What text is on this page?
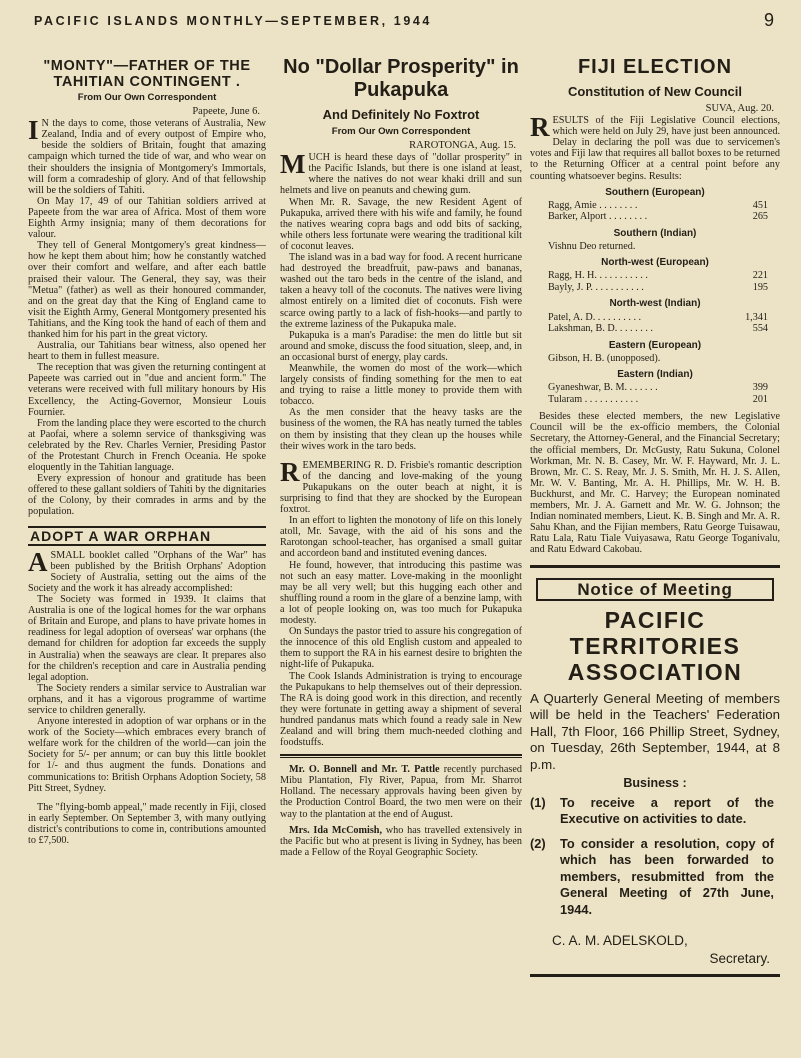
PACIFIC ISLANDS MONTHLY—SEPTEMBER, 1944	9
"MONTY"—FATHER OF THE TAHITIAN CONTINGENT .
From Our Own Correspondent
Papeete, June 6.

I N the days to come, those veterans of Australia, New Zealand, India and of every outpost of Empire who, beside the soldiers of Britain, fought that amazing campaign which turned the tide of war, and who wear on their shoulders the insignia of Montgomery's Immortals, will form a comradeship of glory. And of that fellowship will be the soldiers of Tahiti.

On May 17, 49 of our Tahitian soldiers arrived at Papeete from the war area of Africa. Most of them wore Eighth Army insignia; many of them decorations for valour.

They tell of General Montgomery's great kindness—how he kept them about him; how he constantly watched over their comfort and welfare, and after each battle praised their valour. The General, they say, was their "Metua" (father) as well as their honoured commander, and on the great day that the King of England came to visit the Eighth Army, General Montgomery presented his Tahitians, and the King took the hand of each of them and thanked him for his part in the great victory.

Australia, our Tahitians bear witness, also opened her heart to them in fullest measure.

The reception that was given the returning contingent at Papeete was carried out in "due and ancient form." The veterans were received with full military honours by His Excellency, the Acting-Governor, Monsieur Louis Fournier.

From the landing place they were escorted to the church at Paofai, where a solemn service of thanksgiving was celebrated by the Rev. Charles Vernier, Presiding Pastor of the Protestant Church in French Oceania. He spoke eloquently in the Tahitian language.

Every expression of honour and gratitude has been offered to these gallant soldiers of Tahiti by the dignitaries of the Colony, by their comrades in arms and by the population.

ADOPT A WAR ORPHAN

ASMALL booklet called "Orphans of the War" has been published by the British Orphans' Adoption Society of Australia, setting out the aims of the Society and the work it has already accomplished:

The Society was formed in 1939. It claims that Australia is one of the logical homes for the war orphans of Britain and Europe, and plans to have private homes in readiness for legal adoption of overseas' war orphans (the demand for children for adoption far exceeds the supply in Australia) when the seaways are clear. It prepares also for the children's reception and care in Australia pending legal adoption.

The Society renders a similar service to Australian war orphans, and it has a vigorous programme of wartime service to children generally.

Anyone interested in adoption of war orphans or in the work of the Society—which embraces every branch of welfare work for the children of the world—can join the Society for 5/- per annum; or can buy this little booklet for 1/- and thus augment the funds. Donations and communications to: British Orphans Adoption Society, 58 Pitt Street, Sydney.

The "flying-bomb appeal," made recently in Fiji, closed in early September. On September 3, with many outlying district's contributions to come in, contributions amounted to £7,500.

No "Dollar Prosperity" in Pukapuka
And Definitely No Foxtrot
From Our Own Correspondent
RAROTONGA, Aug. 15.

MUCH is heard these days of "dollar prosperity" in the Pacific Islands, but there is one island at least, where the natives do not wear khaki drill and sun helmets and live on peanuts and chewing gum.

When Mr. R. Savage, the new Resident Agent of Pukapuka, arrived there with his wife and family, he found the natives wearing copra bags and odd bits of sacking, while others less fortunate were wearing the traditional kilt of coconut leaves.

The island was in a bad way for food. A recent hurricane had destroyed the breadfruit, paw-paws and bananas, washed out the taro beds in the centre of the island, and taken a heavy toll of the coconuts. The natives were living almost entirely on a limited diet of coconuts. Fish were scarce owing partly to a lack of fish-hooks—and partly to the extreme laziness of the Pukapuka male.

Pukapuka is a man's Paradise: the men do little but sit around and smoke, discuss the food situation, sleep, and, in an occasional burst of energy, play cards.

Meanwhile, the women do most of the work—which largely consists of finding something for the men to eat and trying to raise a little money to provide them with tobacco.

As the men consider that the heavy tasks are the business of the women, the RA has neatly turned the tables on them by insisting that they clean up the houses while their wives work in the taro beds.

REMEMBERING R. D. Frisbie's romantic description of the dancing and love-making of the young Pukapukans on the outer beach at night, it is surprising to find that they are shocked by the European foxtrot.

In an effort to lighten the monotony of life on this lonely atoll, Mr. Savage, with the aid of his sons and the Rarotongan school-teacher, has organised a small guitar and accordeon band and instituted evening dances.

He found, however, that introducing this pastime was not such an easy matter. Love-making in the moonlight may be all very well; but this hugging each other and shuffling round a room in the glare of a benzine lamp, with a lot of people looking on, was too much for Pukapuka modesty.

On Sundays the pastor tried to assure his congregation of the innocence of this old English custom and appealed to them to support the RA in his earnest desire to brighten the night-life of Pukapuka.

The Cook Islands Administration is trying to encourage the Pukapukans to help themselves out of their depression. The RA is doing good work in this direction, and recently they were fortunate in getting away a shipment of several hundred pandanus mats which found a ready sale in New Zealand and will bring them much-needed clothing and foodstuffs.

Mr. O. Bonnell and Mr. T. Pattle recently purchased Mibu Plantation, Fly River, Papua, from Mr. Sharrot Holland. The necessary approvals having been given by the Production Control Board, the two men were on their way to the plantation at the end of August.

Mrs. Ida McComish, who has travelled extensively in the Pacific but who at present is living in Sydney, has been made a Fellow of the Royal Geographic Society.

FIJI ELECTION
Constitution of New Council
SUVA, Aug. 20.

RESULTS of the Fiji Legislative Council elections, which were held on July 29, have just been announced. Delay in declaring the poll was due to servicemen's votes and Fiji law that requires all ballot boxes to be returned to the Returning Officer at a central point before any counting whatsoever begins. Results:

Southern (European)
Ragg, Amie . . . . . . . .	451
Barker, Alport . . . . . . . .	265
Southern (Indian)
Vishnu Deo returned.
North-west (European)
Ragg, H. H. . . . . . . . . . .	221
Bayly, J. P. . . . . . . . . . .	195
North-west (Indian)
Patel, A. D. . . . . . . . . .	1,341
Lakshman, B. D. . . . . . . .	554
Eastern (European)
Gibson, H. B. (unopposed).
Eastern (Indian)
Gyaneshwar, B. M. . . . . . .	399
Tularam . . . . . . . . . . .	201

Besides these elected members, the new Legislative Council will be the ex-officio members, the Colonial Secretary, the Attorney-General, and the Financial Secretary; the official members, Dr. McGusty, Ratu Sukuna, Colonel Workman, Mr. N. B. Casey, Mr. W. F. Hayward, Mr. J. L. Brown, Mr. C. S. Reay, Mr. J. S. Smith, Mr. H. J. S. Allen, Mr. W. V. Banting, Mr. A. H. Phillips, Mr. W. H. B. Buckhurst, and Mr. C. Harvey; the European nominated members, Mr. J. A. Garnett and Mr. W. G. Johnson; the Indian nominated members, Lieut. K. B. Singh and Mr. A. R. Sahu Khan, and the Fijian members, Ratu George Tuisawau, Ratu Lala, Ratu Tiale Vuiyasawa, Ratu George Toganivalu, and Ratu Edward Cakobau.

Notice of Meeting
PACIFIC TERRITORIES ASSOCIATION
A Quarterly General Meeting of members will be held in the Teachers' Federation Hall, 7th Floor, 166 Phillip Street, Sydney, on Tuesday, 26th September, 1944, at 8 p.m.
Business :
(1)	To receive a report of the Executive on activities to date.
(2)	To consider a resolution, copy of which has been forwarded to members, resubmitted from the General Meeting of 27th June, 1944.
C. A. M. ADELSKOLD,
Secretary.
